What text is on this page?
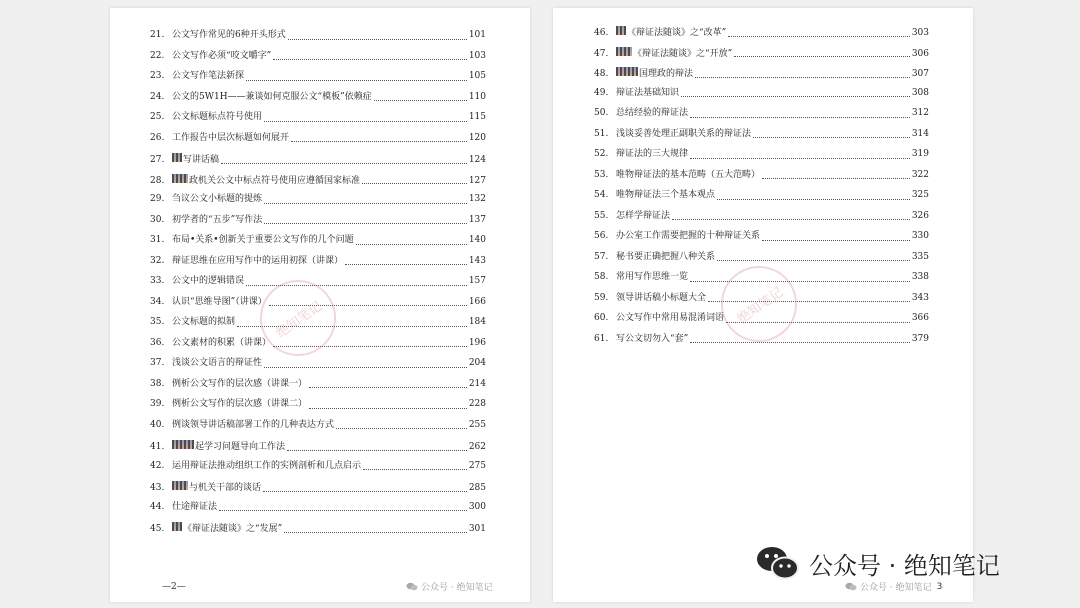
21. 公文写作常见的6种开头形式	101
22. 公文写作必须“咬文嚼字”	103
23. 公文写作笔法新探	105
24. 公文的5W1H——兼谈如何克服公文“模板”依赖症	110
25. 公文标题标点符号使用	115
26. 工作报告中层次标题如何展开	120
27.	写讲话稿	124
28.	政机关公文中标点符号使用应遵循国家标准	127
29. 刍议公文小标题的提炼	132
30. 初学者的“五步”写作法	137
31. 布局•关系•创新关于重要公文写作的几个问题	140
32. 辩证思维在应用写作中的运用初探（讲课）	143
33. 公文中的逻辑错误	157
34. 认识“思维导图”（讲课）	166
35. 公文标题的拟制	184
36. 公文素材的积累（讲课）	196
37. 浅谈公文语言的辩证性	204
38. 例析公文写作的层次感（讲课一）	214
39. 例析公文写作的层次感（讲课二）	228
40. 例谈领导讲话稿部署工作的几种表达方式	255
41.	起学习问题导向工作法	262
42. 运用辩证法推动组织工作的实例剖析和几点启示	275
43.	与机关干部的谈话	285
44. 仕途辩证法	300
45.	《辩证法随谈》之“发展”	301
绝知笔记
—2—	公众号 · 绝知笔记
46.	《辩证法随谈》之“改革”	303
47.	《辩证法随谈》之“开放”	306
48.	国理政的辩法	307
49. 辩证法基础知识	308
50. 总结经验的辩证法	312
51. 浅谈妥善处理正副职关系的辩证法	314
52. 辩证法的三大规律	319
53. 唯物辩证法的基本范畴（五大范畴）	322
54. 唯物辩证法三个基本观点	325
55. 怎样学辩证法	326
56. 办公室工作需要把握的十种辩证关系	330
57. 秘书要正确把握八种关系	335
58. 常用写作思维一览	338
59. 领导讲话稿小标题大全	343
60. 公文写作中常用易混淆词语	366
61. 写公文切勿入“套”	379
绝知笔记
公众号 · 绝知笔记 3
公众号 · 绝知笔记
